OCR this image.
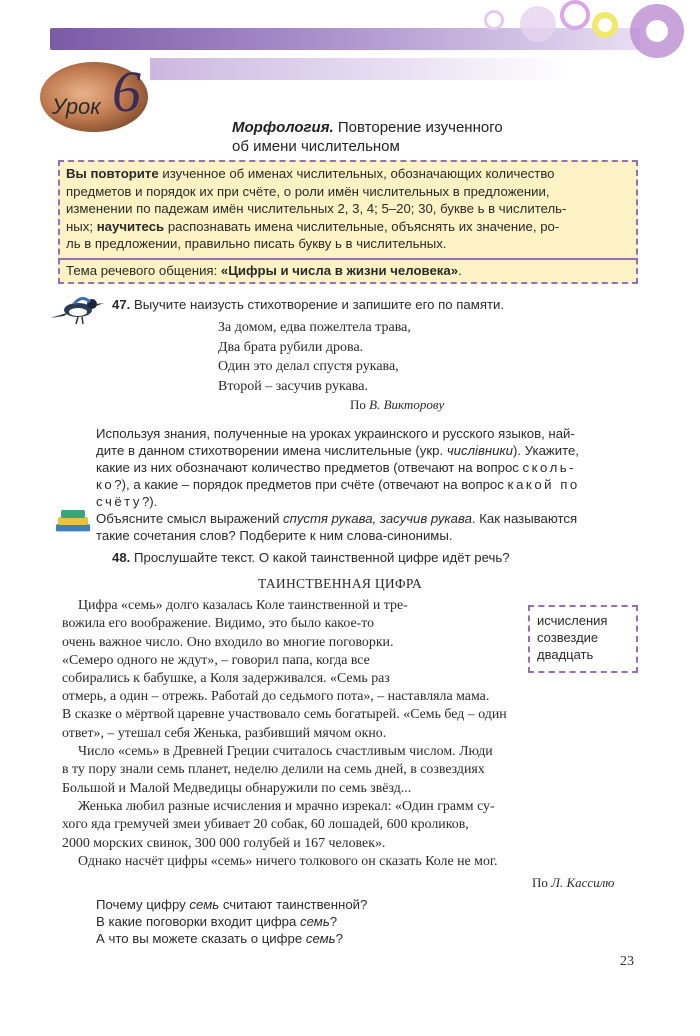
Урок 6
Морфология. Повторение изученного
об имени числительном
Вы повторите изученное об именах числительных, обозначающих количество
предметов и порядок их при счёте, о роли имён числительных в предложении,
изменении по падежам имён числительных 2, 3, 4; 5–20; 30, букве ь в числитель-
ных; научитесь распознавать имена числительные, объяснять их значение, ро-
ль в предложении, правильно писать букву ь в числительных.
Тема речевого общения: «Цифры и числа в жизни человека».
47. Выучите наизусть стихотворение и запишите его по памяти.
За домом, едва пожелтела трава,
Два брата рубили дрова.
Один это делал спустя рукава,
Второй – засучив рукава.
По В. Викторову
Используя знания, полученные на уроках украинского и русского языков, най-
дите в данном стихотворении имена числительные (укр. числівники). Укажите,
какие из них обозначают количество предметов (отвечают на вопрос сколь-
ко?), а какие – порядок предметов при счёте (отвечают на вопрос какой по
счёту?).
Объясните смысл выражений спустя рукава, засучив рукава. Как называются
такие сочетания слов? Подберите к ним слова-синонимы.
48. Прослушайте текст. О какой таинственной цифре идёт речь?
ТАИНСТВЕННАЯ ЦИФРА
Цифра «семь» долго казалась Коле таинственной и тре-
вожила его воображение. Видимо, это было какое-то
очень важное число. Оно входило во многие поговорки.
«Семеро одного не ждут», – говорил папа, когда все
собирались к бабушке, а Коля задерживался. «Семь раз
исчисления
созвездие
двадцать
отмерь, а один – отрежь. Работай до седьмого пота», – наставляла мама.
В сказке о мёртвой царевне участвовало семь богатырей. «Семь бед – один
ответ», – утешал себя Женька, разбивший мячом окно.
Число «семь» в Древней Греции считалось счастливым числом. Люди
в ту пору знали семь планет, неделю делили на семь дней, в созвездиях
Большой и Малой Медведицы обнаружили по семь звёзд...
Женька любил разные исчисления и мрачно изрекал: «Один грамм су-
хого яда гремучей змеи убивает 20 собак, 60 лошадей, 600 кроликов,
2000 морских свинок, 300 000 голубей и 167 человек».
Однако насчёт цифры «семь» ничего толкового он сказать Коле не мог.
По Л. Кассилю
Почему цифру семь считают таинственной?
В какие поговорки входит цифра семь?
А что вы можете сказать о цифре семь?
23
